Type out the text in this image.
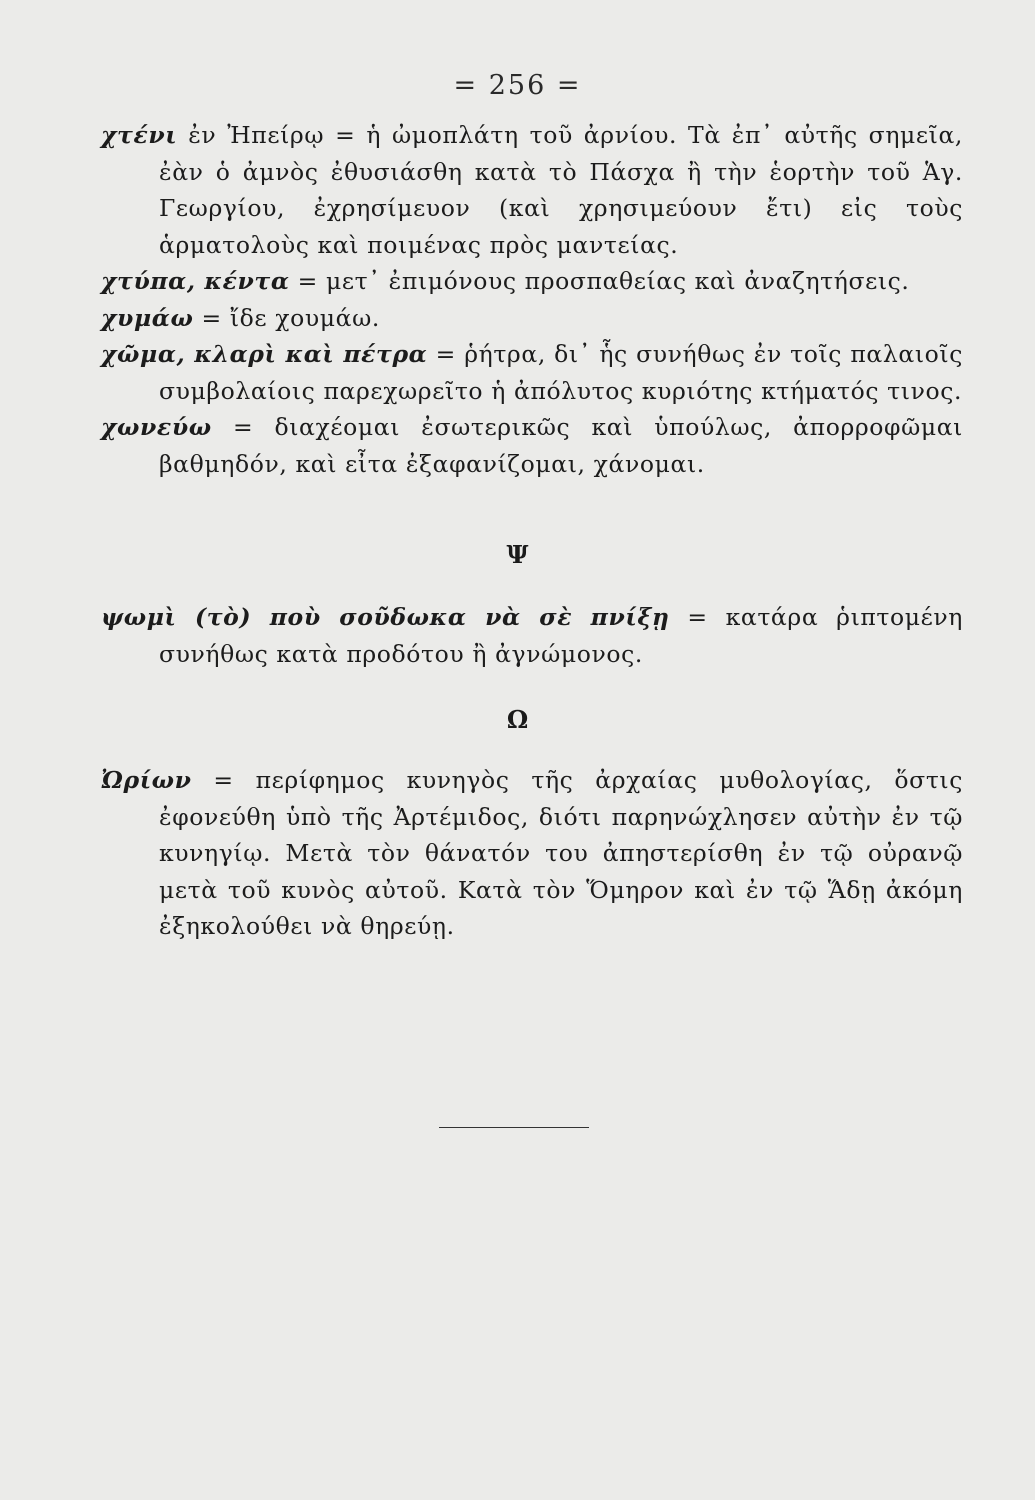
= 256 =

χτένι ἐν Ἠπείρῳ = ἡ ὠμοπλάτη τοῦ ἀρνίου. Τὰ ἐπ᾽ αὐτῆς σημεῖα, ἐὰν ὁ ἀμνὸς ἐθυσιάσθη κατὰ τὸ Πάσχα ἢ τὴν ἑορτὴν τοῦ Ἁγ. Γεωργίου, ἐχρησίμευον (καὶ χρησιμεύουν ἔτι) εἰς τοὺς ἁρματολοὺς καὶ ποιμένας πρὸς μαντείας.

χτύπα, κέντα = μετ᾽ ἐπιμόνους προσπαθείας καὶ ἀναζητήσεις.

χυμάω = ἴδε χουμάω.

χῶμα, κλαρὶ καὶ πέτρα = ῥήτρα, δι᾽ ἧς συνήθως ἐν τοῖς παλαιοῖς συμβολαίοις παρεχωρεῖτο ἡ ἀπόλυτος κυριότης κτήματός τινος.

χωνεύω = διαχέομαι ἐσωτερικῶς καὶ ὑπούλως, ἀπορροφῶμαι βαθμηδόν, καὶ εἶτα ἐξαφανίζομαι, χάνομαι.

Ψ

ψωμὶ (τὸ) ποὺ σοῦδωκα νὰ σὲ πνίξῃ = κατάρα ῥιπτομένη συνήθως κατὰ προδότου ἢ ἀγνώμονος.

Ω

Ὠρίων = περίφημος κυνηγὸς τῆς ἀρχαίας μυθολογίας, ὅστις ἐφονεύθη ὑπὸ τῆς Ἀρτέμιδος, διότι παρηνώχλησεν αὐτὴν ἐν τῷ κυνηγίῳ. Μετὰ τὸν θάνατόν του ἀπηστερίσθη ἐν τῷ οὐρανῷ μετὰ τοῦ κυνὸς αὐτοῦ. Κατὰ τὸν Ὅμηρον καὶ ἐν τῷ Ἅδῃ ἀκόμη ἐξηκολούθει νὰ θηρεύῃ.
